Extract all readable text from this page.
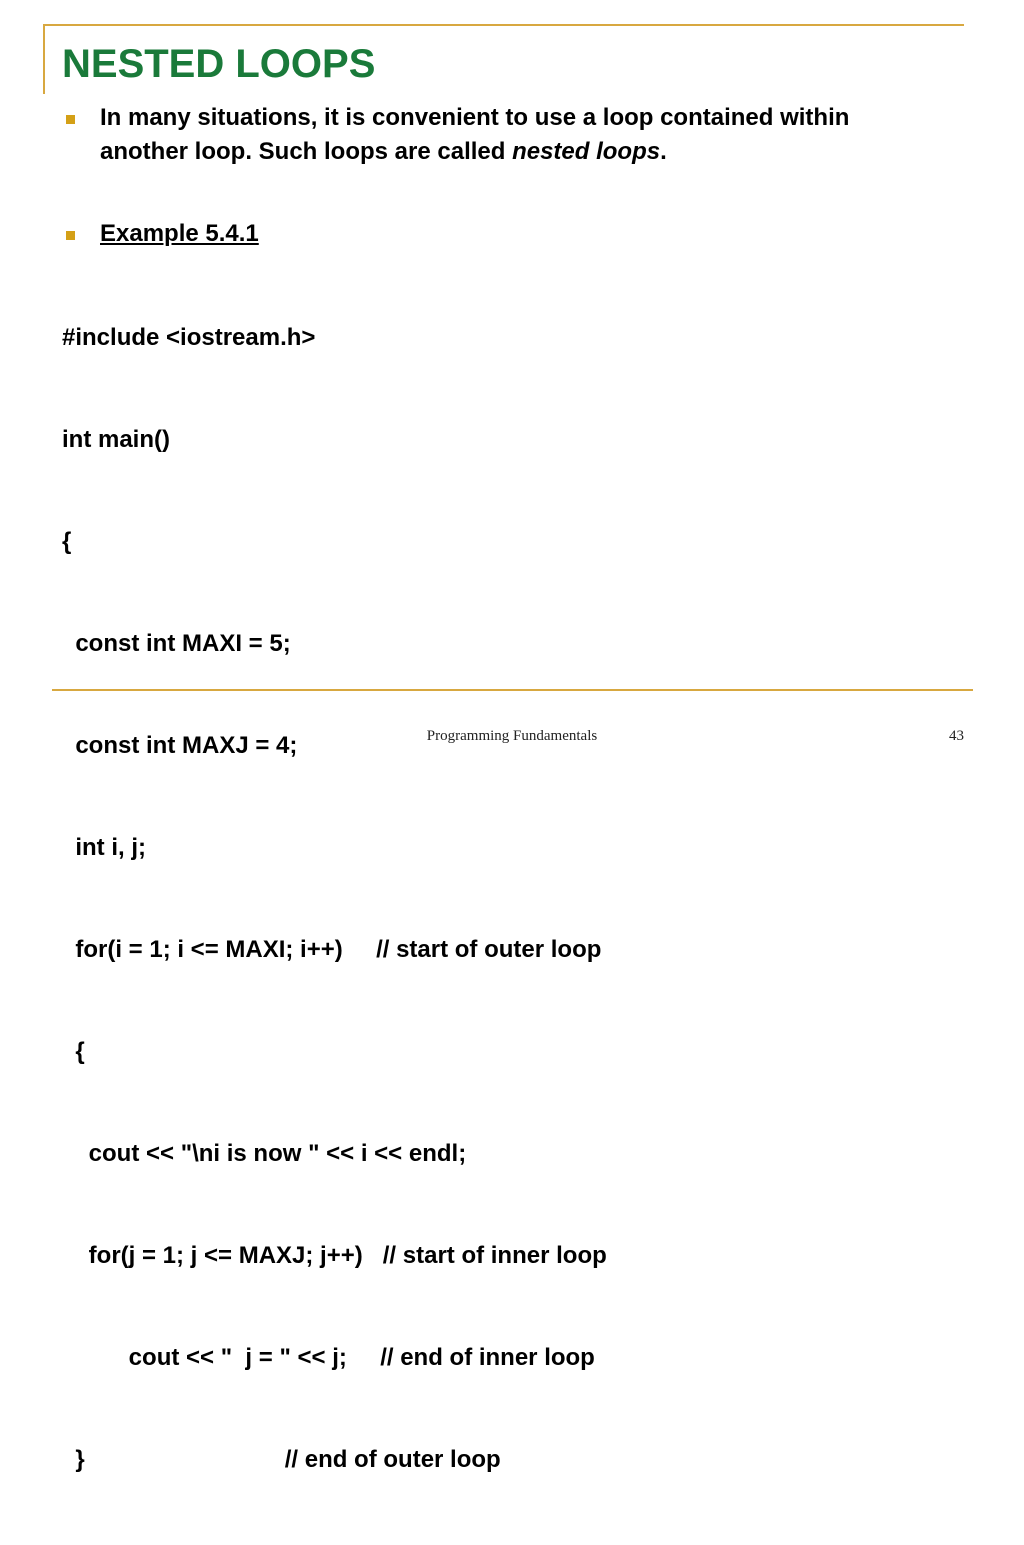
NESTED LOOPS
In many situations, it is convenient to use a loop contained within another loop. Such loops are called nested loops.
Example 5.4.1

#include <iostream.h>

int main()

{

const int MAXI = 5;

const int MAXJ = 4;

int i, j;

for(i = 1; i <= MAXI; i++)     // start of outer loop

{

cout << "\ni is now " << i << endl;

for(j = 1; j <= MAXJ; j++)   // start of inner loop

cout << "  j = " << j;     // end of inner loop

}                              // end of outer loop

Programming Fundamentals	43
